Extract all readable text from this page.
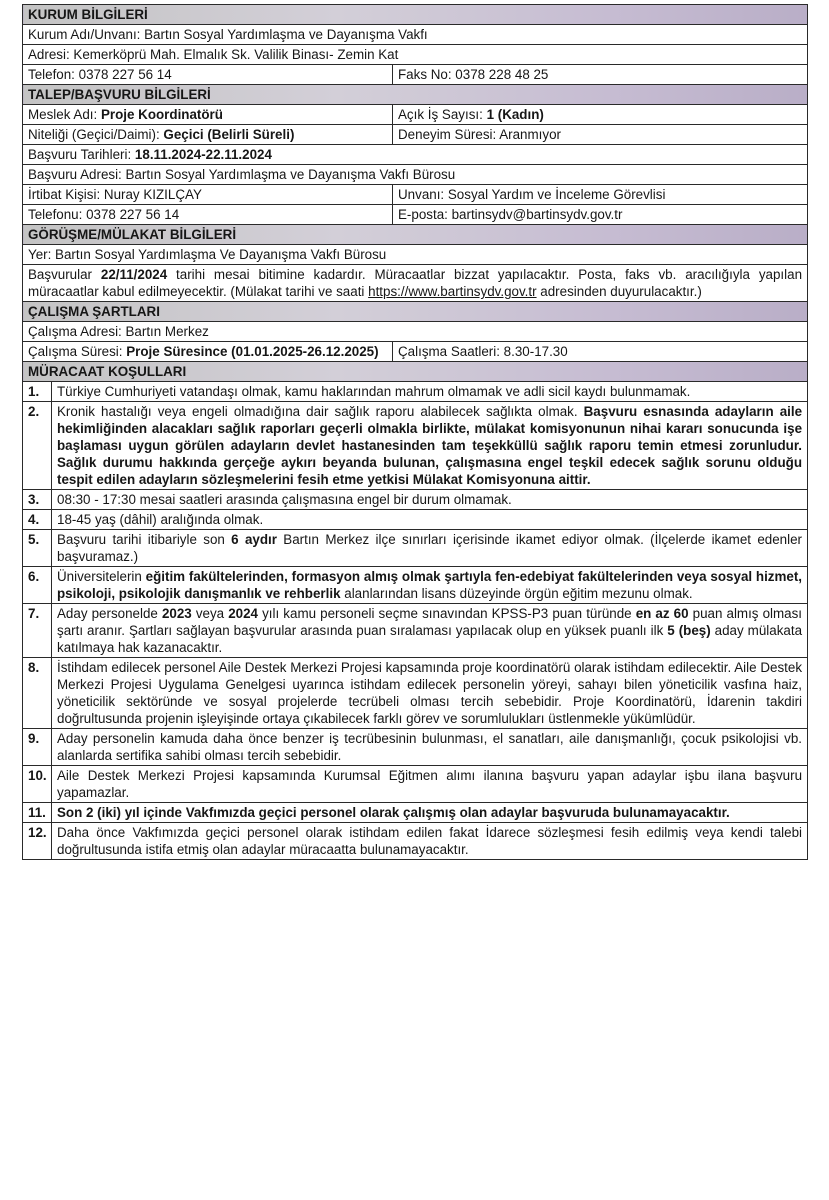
KURUM BİLGİLERİ		
Kurum Adı/Unvanı: Bartın Sosyal Yardımlaşma ve Dayanışma Vakfı		
Adresi: Kemerköprü Mah. Elmalık Sk. Valilik Binası- Zemin Kat		
Telefon: 0378 227 56 14		Faks No: 0378 228 48 25
TALEP/BAŞVURU BİLGİLERİ		
Meslek Adı: Proje Koordinatörü		Açık İş Sayısı: 1 (Kadın)
Niteliği (Geçici/Daimi): Geçici (Belirli Süreli)		Deneyim Süresi: Aranmıyor
Başvuru Tarihleri: 18.11.2024-22.11.2024		
Başvuru Adresi: Bartın Sosyal Yardımlaşma ve Dayanışma Vakfı Bürosu		
İrtibat Kişisi: Nuray KIZILÇAY		Unvanı: Sosyal Yardım ve İnceleme Görevlisi
Telefonu: 0378 227 56 14		E-posta: bartinsydv@bartinsydv.gov.tr
GÖRÜŞME/MÜLAKAT BİLGİLERİ		
Yer: Bartın Sosyal Yardımlaşma Ve Dayanışma Vakfı Bürosu		
Başvurular 22/11/2024 tarihi mesai bitimine kadardır. Müracaatlar bizzat yapılacaktır. Posta, faks vb. aracılığıyla yapılan müracaatlar kabul edilmeyecektir. (Mülakat tarihi ve saati https://www.bartinsydv.gov.tr adresinden duyurulacaktır.)		
ÇALIŞMA ŞARTLARI		
Çalışma Adresi: Bartın Merkez		
Çalışma Süresi: Proje Süresince (01.01.2025-26.12.2025)		Çalışma Saatleri: 8.30-17.30
MÜRACAAT KOŞULLARI		
1.	Türkiye Cumhuriyeti vatandaşı olmak, kamu haklarından mahrum olmamak ve adli sicil kaydı bulunmamak.	
2.	Kronik hastalığı veya engeli olmadığına dair sağlık raporu alabilecek sağlıkta olmak. Başvuru esnasında adayların aile hekimliğinden alacakları sağlık raporları geçerli olmakla birlikte, mülakat komisyonunun nihai kararı sonucunda işe başlaması uygun görülen adayların devlet hastanesinden tam teşekküllü sağlık raporu temin etmesi zorunludur. Sağlık durumu hakkında gerçeğe aykırı beyanda bulunan, çalışmasına engel teşkil edecek sağlık sorunu olduğu tespit edilen adayların sözleşmelerini fesih etme yetkisi Mülakat Komisyonuna aittir.	
3.	08:30 - 17:30 mesai saatleri arasında çalışmasına engel bir durum olmamak.	
4.	18-45 yaş (dâhil) aralığında olmak.	
5.	Başvuru tarihi itibariyle son 6 aydır Bartın Merkez ilçe sınırları içerisinde ikamet ediyor olmak. (İlçelerde ikamet edenler başvuramaz.)	
6.	Üniversitelerin eğitim fakültelerinden, formasyon almış olmak şartıyla fen-edebiyat fakültelerinden veya sosyal hizmet, psikoloji, psikolojik danışmanlık ve rehberlik alanlarından lisans düzeyinde örgün eğitim mezunu olmak.	
7.	Aday personelde 2023 veya 2024 yılı kamu personeli seçme sınavından KPSS-P3 puan türünde en az 60 puan almış olması şartı aranır. Şartları sağlayan başvurular arasında puan sıralaması yapılacak olup en yüksek puanlı ilk 5 (beş) aday mülakata katılmaya hak kazanacaktır.	
8.	İstihdam edilecek personel Aile Destek Merkezi Projesi kapsamında proje koordinatörü olarak istihdam edilecektir. Aile Destek Merkezi Projesi Uygulama Genelgesi uyarınca istihdam edilecek personelin yöreyi, sahayı bilen yöneticilik vasfına haiz, yöneticilik sektöründe ve sosyal projelerde tecrübeli olması tercih sebebidir. Proje Koordinatörü, İdarenin takdiri doğrultusunda projenin işleyişinde ortaya çıkabilecek farklı görev ve sorumlulukları üstlenmekle yükümlüdür.	
9.	Aday personelin kamuda daha önce benzer iş tecrübesinin bulunması, el sanatları, aile danışmanlığı, çocuk psikolojisi vb. alanlarda sertifika sahibi olması tercih sebebidir.	
10.	Aile Destek Merkezi Projesi kapsamında Kurumsal Eğitmen alımı ilanına başvuru yapan adaylar işbu ilana başvuru yapamazlar.	
11.	Son 2 (iki) yıl içinde Vakfımızda geçici personel olarak çalışmış olan adaylar başvuruda bulunamayacaktır.	
12.	Daha önce Vakfımızda geçici personel olarak istihdam edilen fakat İdarece sözleşmesi fesih edilmiş veya kendi talebi doğrultusunda istifa etmiş olan adaylar müracaatta bulunamayacaktır.	
